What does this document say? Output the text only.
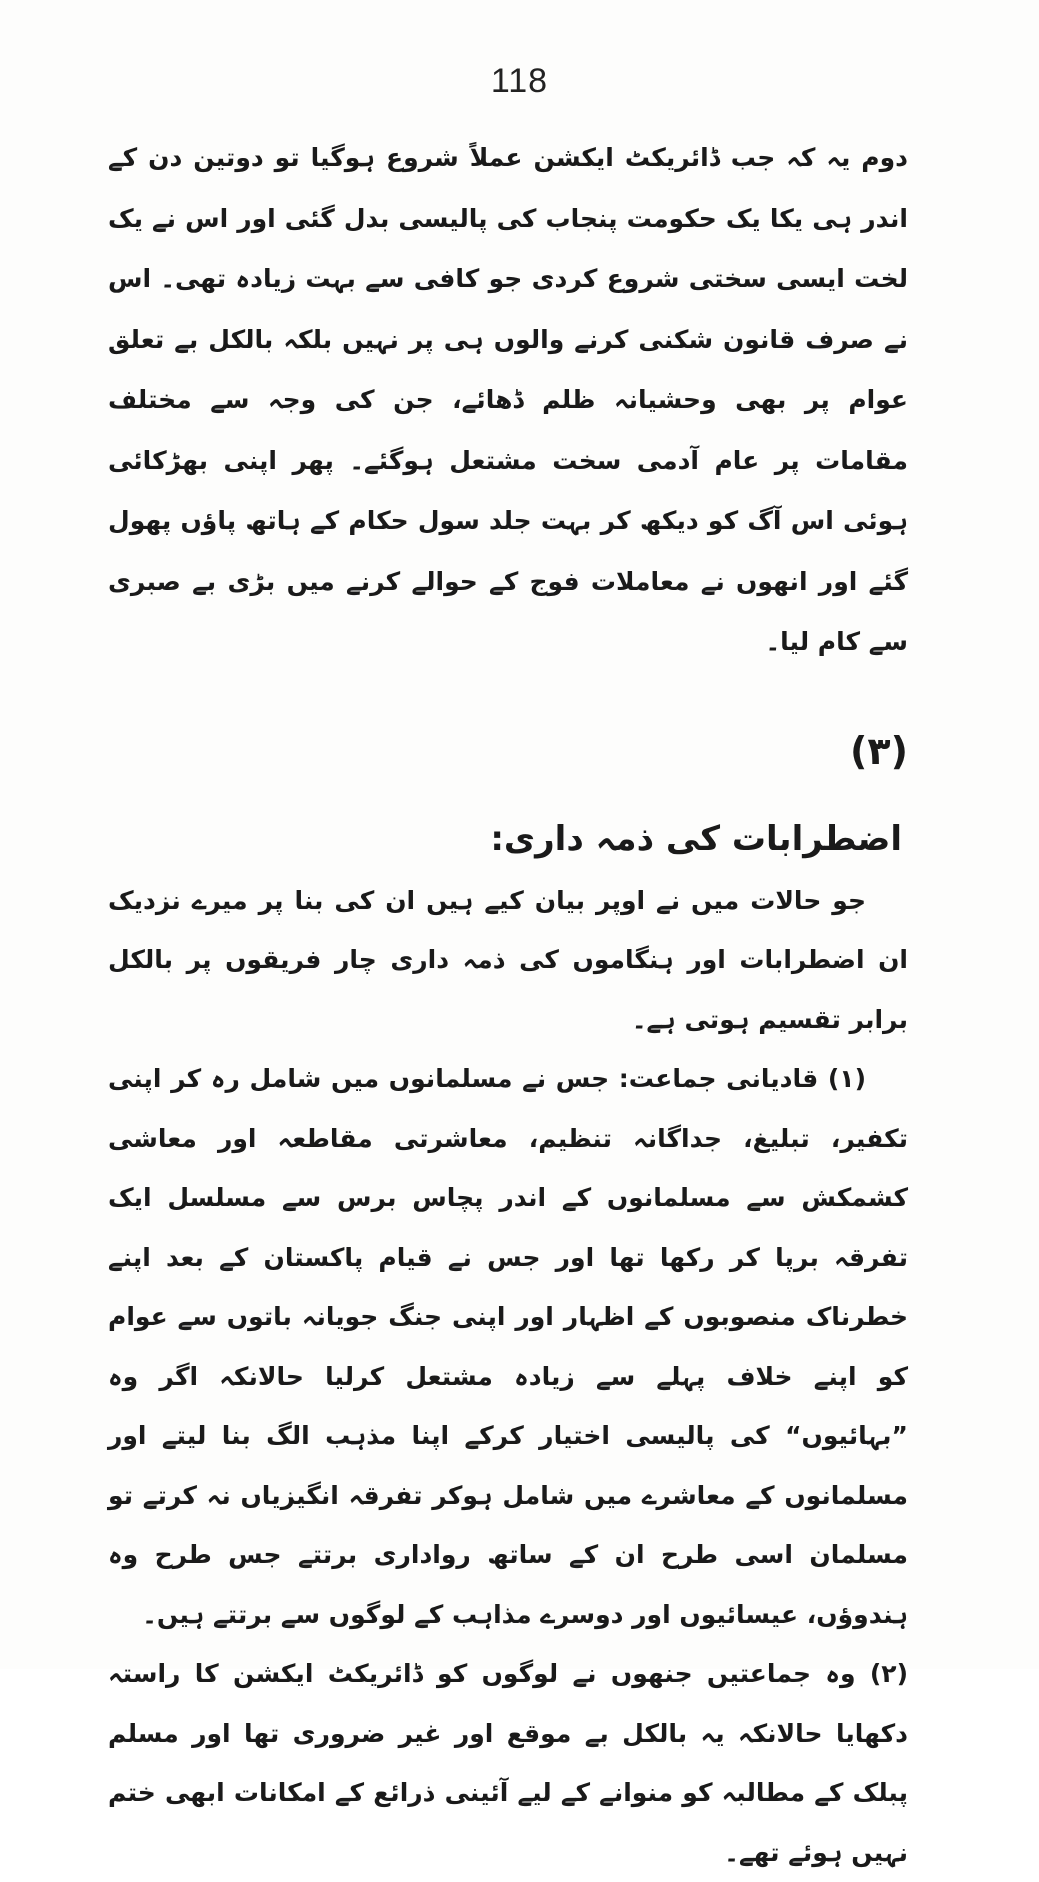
118

دوم یہ کہ جب ڈائریکٹ ایکشن عملاً شروع ہوگیا تو دوتین دن کے اندر ہی یکا یک حکومت پنجاب کی پالیسی بدل گئی اور اس نے یک لخت ایسی سختی شروع کردی جو کافی سے بہت زیادہ تھی۔ اس نے صرف قانون شکنی کرنے والوں ہی پر نہیں بلکہ بالکل بے تعلق عوام پر بھی وحشیانہ ظلم ڈھائے، جن کی وجہ سے مختلف مقامات پر عام آدمی سخت مشتعل ہوگئے۔ پھر اپنی بھڑکائی ہوئی اس آگ کو دیکھ کر بہت جلد سول حکام کے ہاتھ پاؤں پھول گئے اور انھوں نے معاملات فوج کے حوالے کرنے میں بڑی بے صبری سے کام لیا۔

(۳)
اضطرابات کی ذمہ داری:

جو حالات میں نے اوپر بیان کیے ہیں ان کی بنا پر میرے نزدیک ان اضطرابات اور ہنگاموں کی ذمہ داری چار فریقوں پر بالکل برابر تقسیم ہوتی ہے۔

(۱) قادیانی جماعت: جس نے مسلمانوں میں شامل رہ کر اپنی تکفیر، تبلیغ، جداگانہ تنظیم، معاشرتی مقاطعہ اور معاشی کشمکش سے مسلمانوں کے اندر پچاس برس سے مسلسل ایک تفرقہ برپا کر رکھا تھا اور جس نے قیام پاکستان کے بعد اپنے خطرناک منصوبوں کے اظہار اور اپنی جنگ جویانہ باتوں سے عوام کو اپنے خلاف پہلے سے زیادہ مشتعل کرلیا حالانکہ اگر وہ ”بہائیوں“ کی پالیسی اختیار کرکے اپنا مذہب الگ بنا لیتے اور مسلمانوں کے معاشرے میں شامل ہوکر تفرقہ انگیزیاں نہ کرتے تو مسلمان اسی طرح ان کے ساتھ رواداری برتتے جس طرح وہ ہندوؤں، عیسائیوں اور دوسرے مذاہب کے لوگوں سے برتتے ہیں۔

(۲) وہ جماعتیں جنھوں نے لوگوں کو ڈائریکٹ ایکشن کا راستہ دکھایا حالانکہ یہ بالکل بے موقع اور غیر ضروری تھا اور مسلم پبلک کے مطالبہ کو منوانے کے لیے آئینی ذرائع کے امکانات ابھی ختم نہیں ہوئے تھے۔
